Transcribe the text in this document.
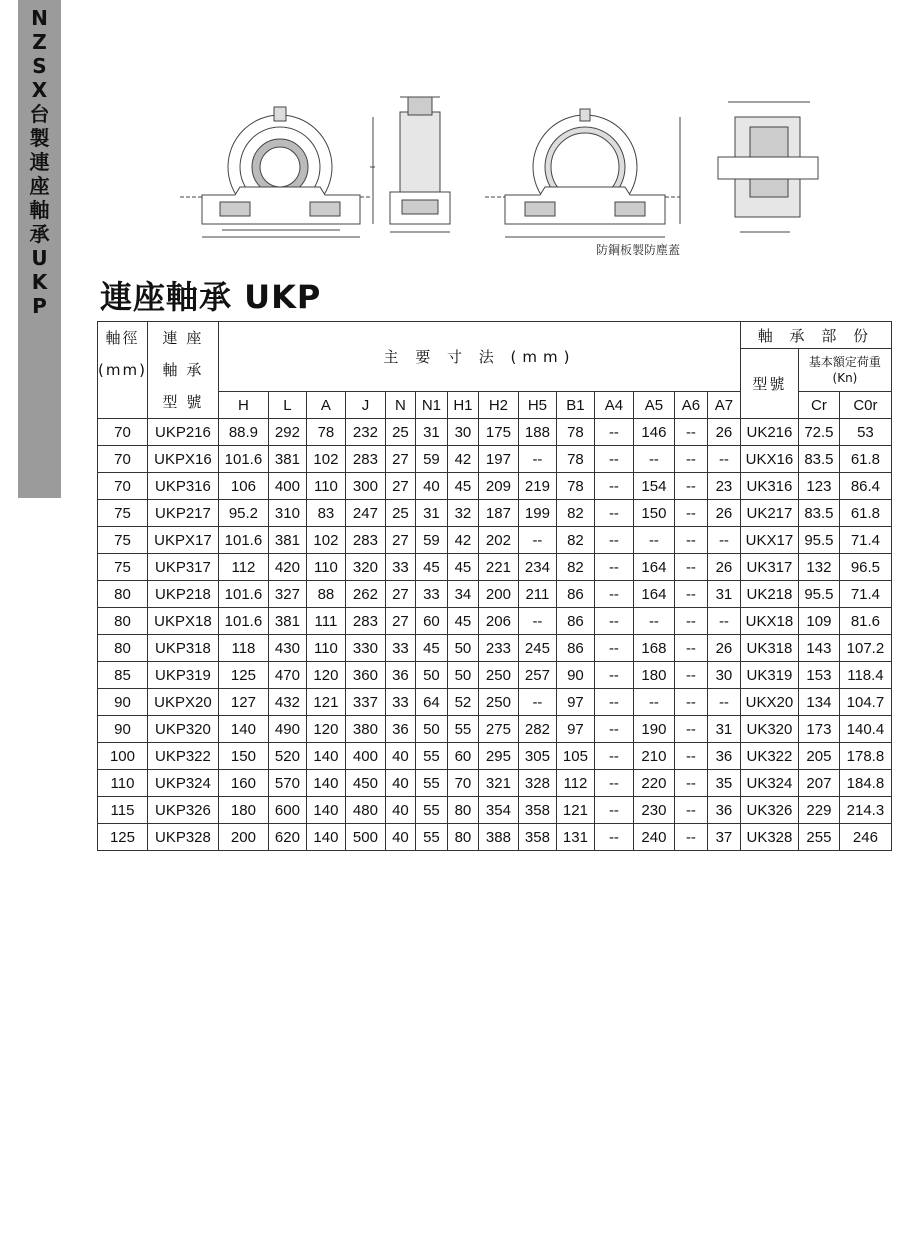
N
Z
S
X
台
製
連
座
軸
承
U
K
P
防鋼板製防塵蓋
連座軸承 UKP
軸徑
(mm)	連 座
軸 承
型 號	主 要 寸 法 (mm)														軸 承 部 份		
																型號	基本額定荷重
(Kn)	

		H	L	A	J	N	N1	H1	H2	H5	B1	A4	A5	A6	A7		Cr	C0r
70	UKP216	88.9	292	78	232	25	31	30	175	188	78	--	146	--	26	UK216	72.5	53
70	UKPX16	101.6	381	102	283	27	59	42	197	--	78	--	--	--	--	UKX16	83.5	61.8
70	UKP316	106	400	110	300	27	40	45	209	219	78	--	154	--	23	UK316	123	86.4
75	UKP217	95.2	310	83	247	25	31	32	187	199	82	--	150	--	26	UK217	83.5	61.8
75	UKPX17	101.6	381	102	283	27	59	42	202	--	82	--	--	--	--	UKX17	95.5	71.4
75	UKP317	112	420	110	320	33	45	45	221	234	82	--	164	--	26	UK317	132	96.5
80	UKP218	101.6	327	88	262	27	33	34	200	211	86	--	164	--	31	UK218	95.5	71.4
80	UKPX18	101.6	381	111	283	27	60	45	206	--	86	--	--	--	--	UKX18	109	81.6
80	UKP318	118	430	110	330	33	45	50	233	245	86	--	168	--	26	UK318	143	107.2
85	UKP319	125	470	120	360	36	50	50	250	257	90	--	180	--	30	UK319	153	118.4
90	UKPX20	127	432	121	337	33	64	52	250	--	97	--	--	--	--	UKX20	134	104.7
90	UKP320	140	490	120	380	36	50	55	275	282	97	--	190	--	31	UK320	173	140.4
100	UKP322	150	520	140	400	40	55	60	295	305	105	--	210	--	36	UK322	205	178.8
110	UKP324	160	570	140	450	40	55	70	321	328	112	--	220	--	35	UK324	207	184.8
115	UKP326	180	600	140	480	40	55	80	354	358	121	--	230	--	36	UK326	229	214.3
125	UKP328	200	620	140	500	40	55	80	388	358	131	--	240	--	37	UK328	255	246
